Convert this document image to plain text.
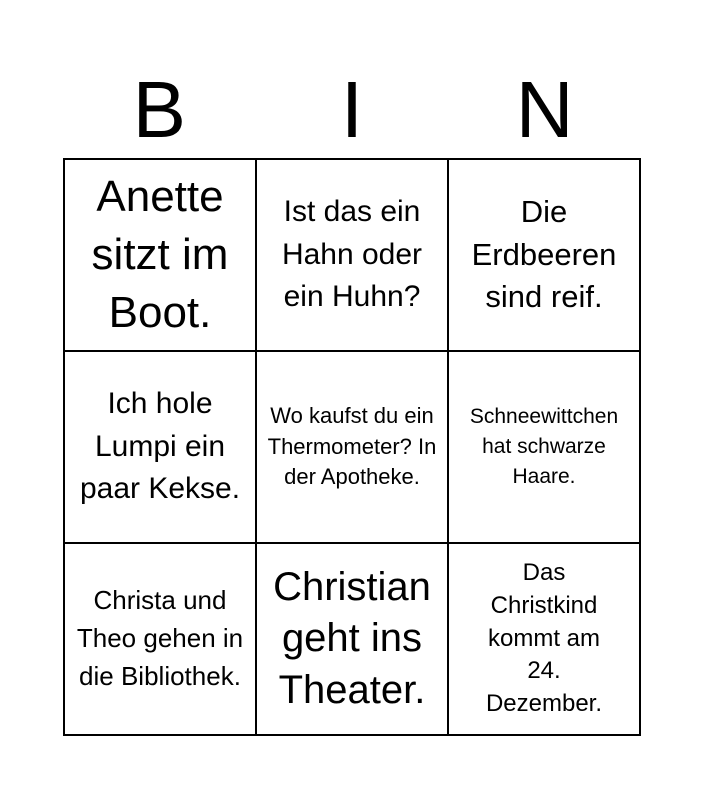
B	I	N
Anette sitzt im Boot.
Ist das ein Hahn oder ein Huhn?
Die Erdbeeren sind reif.
Ich hole Lumpi ein paar Kekse.
Wo kaufst du ein Thermometer? In der Apotheke.
Schneewittchen hat schwarze Haare.
Christa und Theo gehen in die Bibliothek.
Christian geht ins Theater.
Das Christkind kommt am 24. Dezember.
